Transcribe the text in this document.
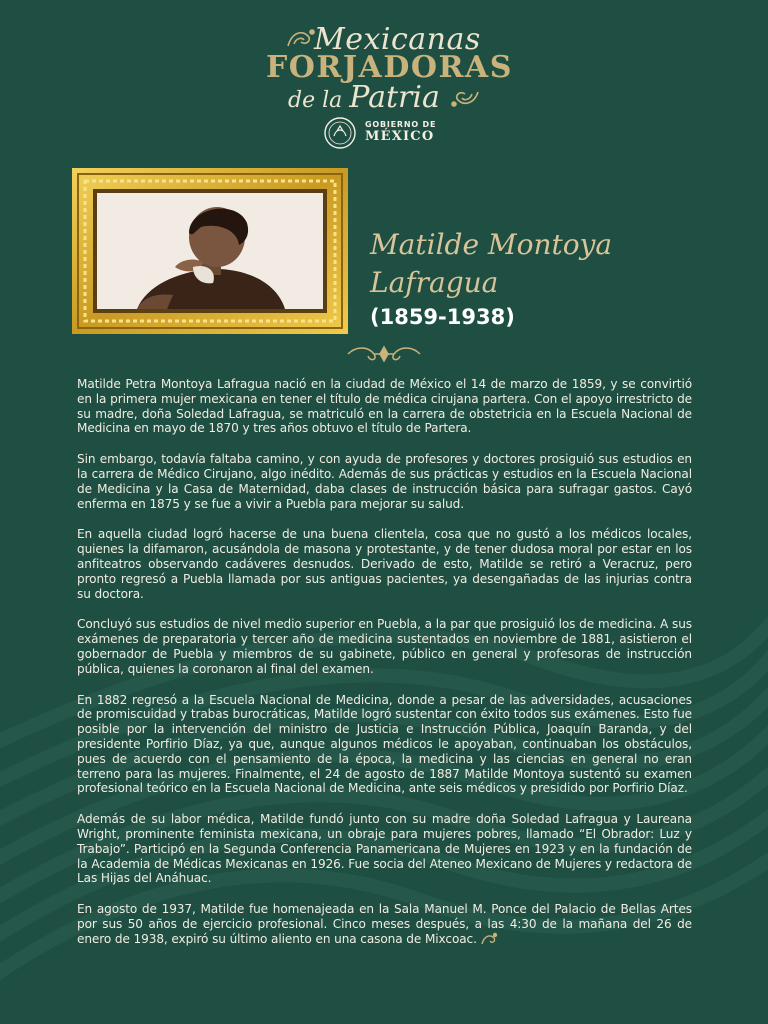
Mexicanas
FORJADORAS
de la Patria
GOBIERNO DE
MÉXICO
Matilde Montoya
Lafragua
(1859-1938)

Matilde Petra Montoya Lafragua nació en la ciudad de México el 14 de marzo de 1859, y se convirtió en la primera mujer mexicana en tener el título de médica cirujana partera. Con el apoyo irrestricto de su madre, doña Soledad Lafragua, se matriculó en la carrera de obstetricia en la Escuela Nacional de Medicina en mayo de 1870 y tres años obtuvo el título de Partera.

Sin embargo, todavía faltaba camino, y con ayuda de profesores y doctores prosiguió sus estudios en la carrera de Médico Cirujano, algo inédito. Además de sus prácticas y estudios en la Escuela Nacional de Medicina y la Casa de Maternidad, daba clases de instrucción básica para sufragar gastos. Cayó enferma en 1875 y se fue a vivir a Puebla para mejorar su salud.

En aquella ciudad logró hacerse de una buena clientela, cosa que no gustó a los médicos locales, quienes la difamaron, acusándola de masona y protestante, y de tener dudosa moral por estar en los anfiteatros observando cadáveres desnudos. Derivado de esto, Matilde se retiró a Veracruz, pero pronto regresó a Puebla llamada por sus antiguas pacientes, ya desengañadas de las injurias contra su doctora.

Concluyó sus estudios de nivel medio superior en Puebla, a la par que prosiguió los de medicina. A sus exámenes de preparatoria y tercer año de medicina sustentados en noviembre de 1881, asistieron el gobernador de Puebla y miembros de su gabinete, público en general y profesoras de instrucción pública, quienes la coronaron al final del examen.

En 1882 regresó a la Escuela Nacional de Medicina, donde a pesar de las adversidades, acusaciones de promiscuidad y trabas burocráticas, Matilde logró sustentar con éxito todos sus exámenes. Esto fue posible por la intervención del ministro de Justicia e Instrucción Pública, Joaquín Baranda, y del presidente Porfirio Díaz, ya que, aunque algunos médicos le apoyaban, continuaban los obstáculos, pues de acuerdo con el pensamiento de la época, la medicina y las ciencias en general no eran terreno para las mujeres. Finalmente, el 24 de agosto de 1887 Matilde Montoya sustentó su examen profesional teórico en la Escuela Nacional de Medicina, ante seis médicos y presidido por Porfirio Díaz.

Además de su labor médica, Matilde fundó junto con su madre doña Soledad Lafragua y Laureana Wright, prominente feminista mexicana, un obraje para mujeres pobres, llamado “El Obrador: Luz y Trabajo”. Participó en la Segunda Conferencia Panamericana de Mujeres en 1923 y en la fundación de la Academia de Médicas Mexicanas en 1926. Fue socia del Ateneo Mexicano de Mujeres y redactora de Las Hijas del Anáhuac.

En agosto de 1937, Matilde fue homenajeada en la Sala Manuel M. Ponce del Palacio de Bellas Artes por sus 50 años de ejercicio profesional. Cinco meses después, a las 4:30 de la mañana del 26 de enero de 1938, expiró su último aliento en una casona de Mixcoac.
